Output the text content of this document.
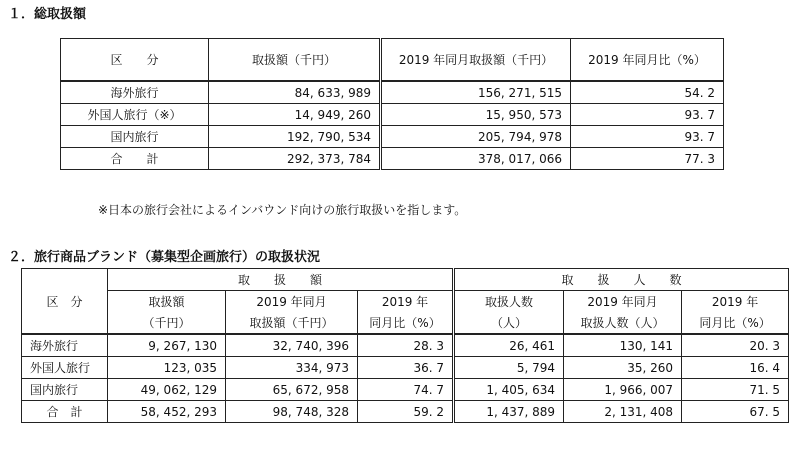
１．総取扱額
区　　分	取扱額（千円）	2019 年同月取扱額（千円）	2019 年同月比（%）
海外旅行	84, 633, 989	156, 271, 515	54. 2
外国人旅行（※）	14, 949, 260	15, 950, 573	93. 7
国内旅行	192, 790, 534	205, 794, 978	93. 7
合　　計	292, 373, 784	378, 017, 066	77. 3
※日本の旅行会社によるインバウンド向けの旅行取扱いを指します。
２．旅行商品ブランド（募集型企画旅行）の取扱状況
区　分	取　　扱　　額			取　　扱　　人　　数		
	取扱額	2019 年同月	2019 年	取扱人数	2019 年同月	2019 年
	（千円）	取扱額（千円）	同月比（%）	（人）	取扱人数（人）	同月比（%）
海外旅行	9, 267, 130	32, 740, 396	28. 3	26, 461	130, 141	20. 3
外国人旅行	123, 035	334, 973	36. 7	5, 794	35, 260	16. 4
国内旅行	49, 062, 129	65, 672, 958	74. 7	1, 405, 634	1, 966, 007	71. 5
合　計	58, 452, 293	98, 748, 328	59. 2	1, 437, 889	2, 131, 408	67. 5
